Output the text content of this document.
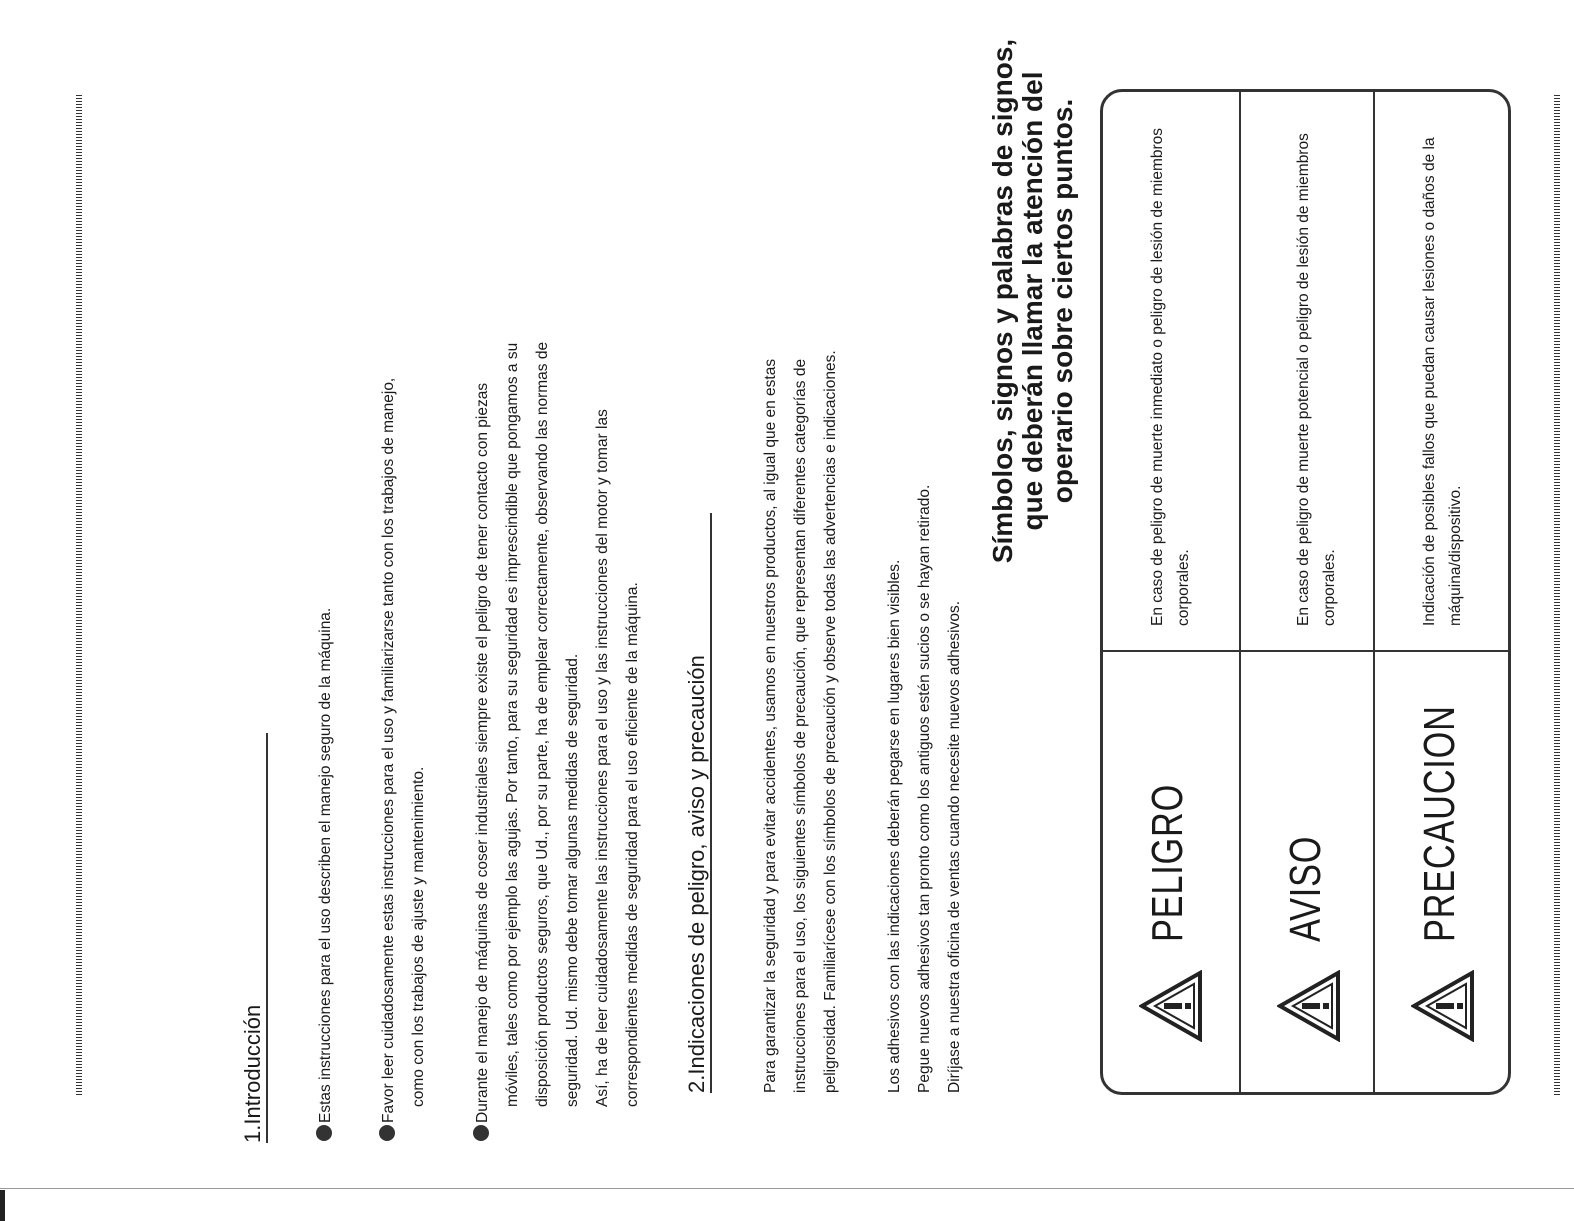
1.Introducción	Estas instrucciones para el uso describen el manejo seguro de la máquina.	Favor leer cuidadosamente estas instrucciones para el uso y familiarizarse tanto con los trabajos de manejo, como con los trabajos de ajuste y mantenimiento.	Durante el manejo de máquinas de coser industriales siempre existe el peligro de tener contacto con piezas móviles, tales como por ejemplo las agujas. Por tanto, para su seguridad es imprescindible que pongamos a su disposición productos seguros, que Ud., por su parte, ha de emplear correctamente, observando las normas de seguridad. Ud. mismo debe tomar algunas medidas de seguridad. Así, ha de leer cuidadosamente las instrucciones para el uso y las instrucciones del motor y tomar las correspondientes medidas de seguridad para el uso eficiente de la máquina.	2.Indicaciones de peligro, aviso y precaución	Para garantizar la seguridad y para evitar accidentes, usamos en nuestros productos, al igual que en estas instrucciones para el uso, los siguientes símbolos de precaución, que representan diferentes categorías de peligrosidad. Familiarícese con los símbolos de precaución y observe todas las advertencias e indicaciones.	Los adhesivos con las indicaciones deberán pegarse en lugares bien visibles. Pegue nuevos adhesivos tan pronto como los antiguos estén sucios o se hayan retirado. Diríjase a nuestra oficina de ventas cuando necesite nuevos adhesivos.

Símbolos, signos y palabras de signos, que deberán llamar la atención del operario sobre ciertos puntos.
PELIGRO
En caso de peligro de muerte inmediato o peligro de lesión de miembros corporales.
AVISO
En caso de peligro de muerte potencial o peligro de lesión de miembros corporales.
PRECAUCION
Indicación de posibles fallos que puedan causar lesiones o daños de la máquina/dispositivo.
